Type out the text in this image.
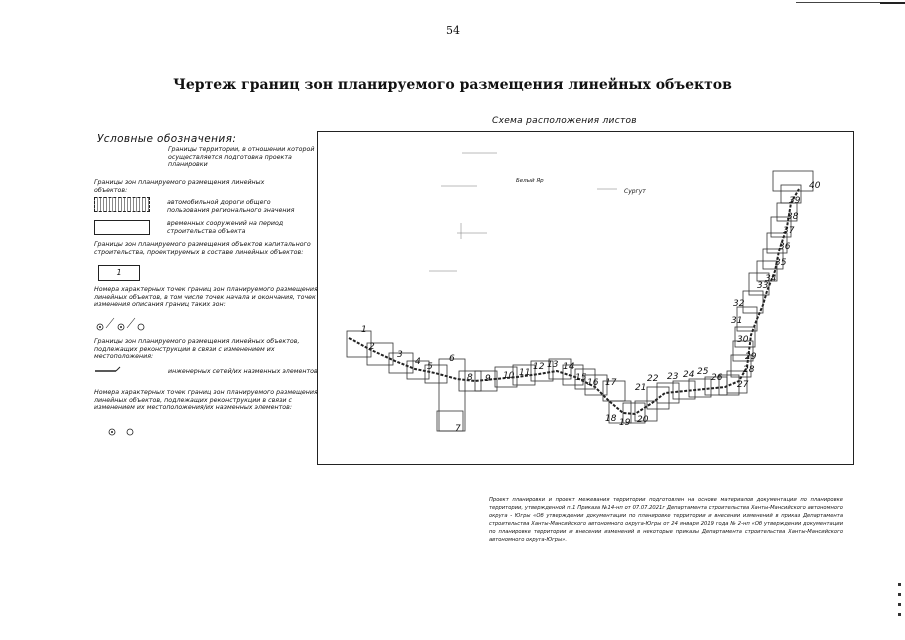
54
Чертеж границ зон планируемого размещения линейных объектов
Условные обозначения:
Границы территории, в отношении которой осуществляется подготовка проекта планировки
Границы зон планируемого размещения линейных объектов:
автомобильной дороги общего пользования регионального значения
временных сооружений на период строительства объекта
Границы зон планируемого размещения объектов капитального строительства, проектируемых в составе линейных объектов:
1
Номера характерных точек границ зон планируемого размещения линейных объектов, в том числе точек начала и окончания, точек изменения описания границ таких зон:
Границы зон планируемого размещения линейных объектов, подлежащих реконструкции в связи с изменением их местоположения:
инженерных сетей/их назменных элементов
Номера характерных точек границ зон планируемого размещения линейных объектов, подлежащих реконструкции в связи с изменением их местоположения/их назменных элементов:
Схема расположения листов
Сургут
Белый Яр
1
2
3
4 5
6
7
8 9 10 11
12 13 14
15 16 17
18 19 20
21
22 23 24 25
26
27
28
29
30
31
32
33
34
35
36
37
38
39
40
Проект планировки и проект межевания территории подготовлен на основе материалов документации по планировке территории, утвержденной п.1 Приказа №14-нп от 07.07.2021г Департамента строительства Ханты-Мансийского автономного округа - Югры «Об утверждении документации по планировке территории и внесении изменений в приказ Департамента строительства Ханты-Мансийского автономного округа-Югры от 24 января 2019 года № 2-нп «Об утверждении документации по планировке территории и внесении изменений в некоторые приказы Департамента строительства Ханты-Мансийского автономного округа-Югры».
